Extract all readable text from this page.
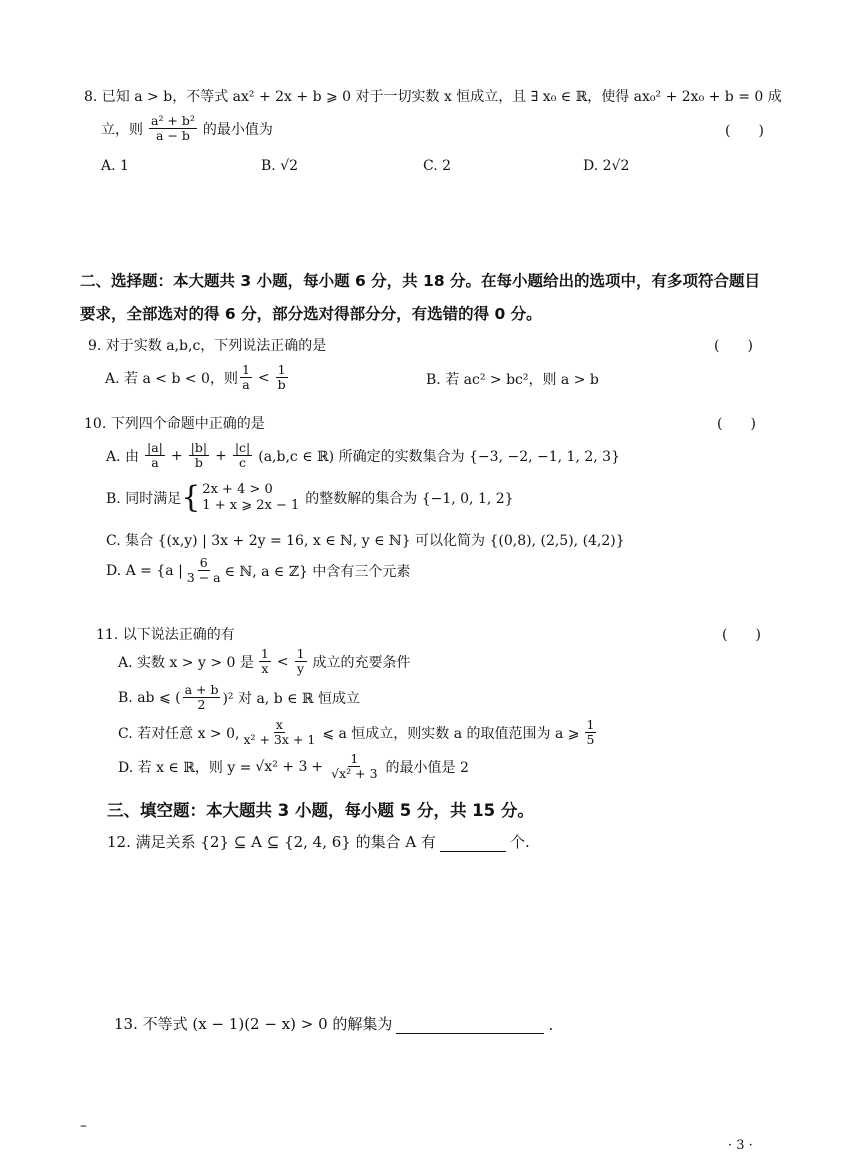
8. 已知 a > b，不等式 ax² + 2x + b ⩾ 0 对于一切实数 x 恒成立，且 ∃ x₀ ∈ ℝ，使得 ax₀² + 2x₀ + b = 0 成
立，则 $\frac{\text{a² + b²}}{a - b}$ 的最小值为	(　　)
A. 1	B. √2	C. 2	D. 2√2
二、选择题：本大题共 3 小题，每小题 6 分，共 18 分。在每小题给出的选项中，有多项符合题目
要求，全部选对的得 6 分，部分选对得部分分，有选错的得 0 分。
9. 对于实数 a,b,c，下列说法正确的是	(　　)
A. 若 a < b < 0，则 $\frac{1}{a} < \frac{1}{b}$	B. 若 ac² > bc²，则 a > b
10. 下列四个命题中正确的是	(　　)
A. 由 $\frac{|a|}{a} + \frac{|b|}{b} + \frac{|c|}{c} (a,b,c$ ∈ ℝ) 所确定的实数集合为 {−3, −2, −1, 1, 2, 3}
B. 同时满足 { 2x + 4 > 0
1 + x ⩾ 2x − 1 的整数解的集合为 {−1, 0, 1, 2}
C. 集合 {(x,y) | 3x + 2y = 16, x ∈ ℕ, y ∈ ℕ} 可以化简为 {(0,8), (2,5), (4,2)}
D. A = {a | $\frac{6}{3 - a}$ ∈ ℕ, a ∈ ℤ} 中含有三个元素
11. 以下说法正确的有	(　　)
A. 实数 x > y > 0 是 $\frac{1}{x} < \frac{1}{y}$ 成立的充要条件
B. ab ⩽ ( $\frac{a + b}{2} )^2$ 对 a, b ∈ ℝ 恒成立
C. 若对任意 x > 0, $\frac{x}{\text{x² + 3x + 1}}$ ⩽ a 恒成立，则实数 a 的取值范围为 a ⩾ $\frac{1}{5}$
D. 若 x ∈ ℝ，则 $y = √x^2 + 3 + \frac{1}{\text{√x² + 3}}$ 的最小值是 2
三、填空题：本大题共 3 小题，每小题 5 分，共 15 分。
12. 满足关系 {2} ⊆ A ⊆ {2, 4, 6} 的集合 A 有	个.
13. 不等式 (x − 1)(2 − x) > 0 的解集为	.
–
· 3 ·
